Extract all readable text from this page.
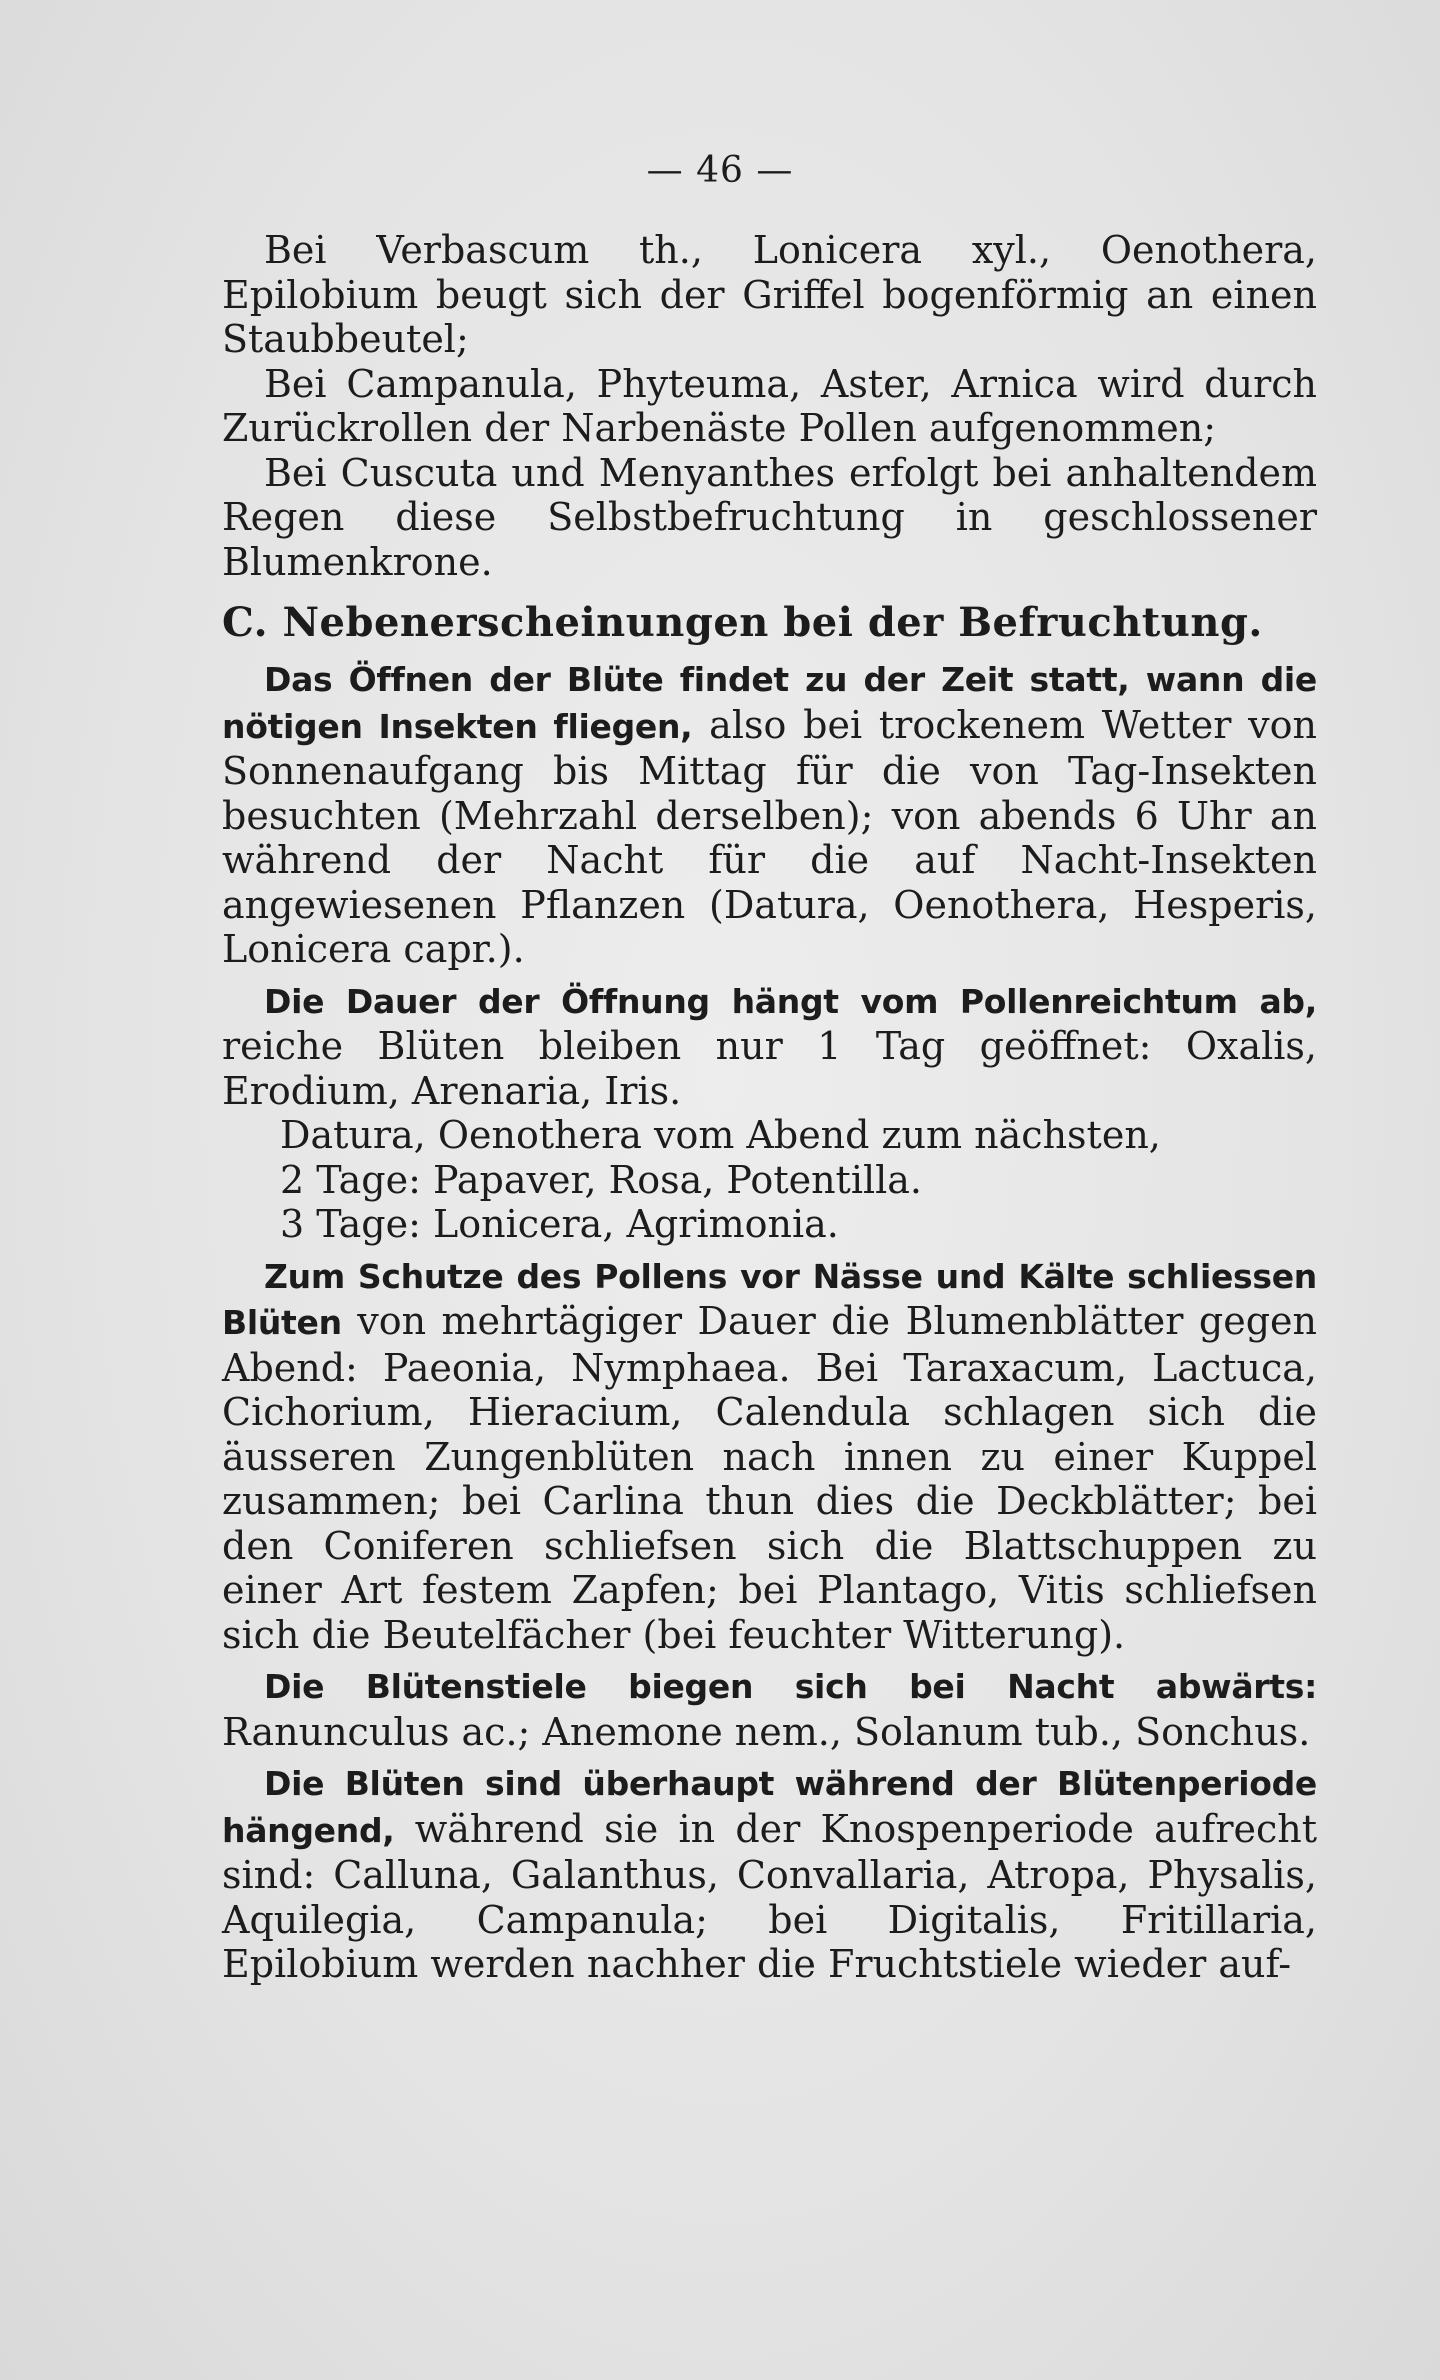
— 46 —

Bei Verbascum th., Lonicera xyl., Oenothera, Epilobium beugt sich der Griffel bogenförmig an einen Staubbeutel;

Bei Campanula, Phyteuma, Aster, Arnica wird durch Zurückrollen der Narbenäste Pollen aufgenommen;

Bei Cuscuta und Menyanthes erfolgt bei anhaltendem Regen diese Selbstbefruchtung in geschlossener Blumenkrone.

C. Nebenerscheinungen bei der Befruchtung.

Das Öffnen der Blüte findet zu der Zeit statt, wann die nötigen Insekten fliegen, also bei trockenem Wetter von Sonnenaufgang bis Mittag für die von Tag-Insekten besuchten (Mehrzahl derselben); von abends 6 Uhr an während der Nacht für die auf Nacht-Insekten angewiesenen Pflanzen (Datura, Oenothera, Hesperis, Lonicera capr.).

Die Dauer der Öffnung hängt vom Pollenreichtum ab, reiche Blüten bleiben nur 1 Tag geöffnet: Oxalis, Erodium, Arenaria, Iris.

Datura, Oenothera vom Abend zum nächsten,

2 Tage: Papaver, Rosa, Potentilla.

3 Tage: Lonicera, Agrimonia.

Zum Schutze des Pollens vor Nässe und Kälte schliessen Blüten von mehrtägiger Dauer die Blumenblätter gegen Abend: Paeonia, Nymphaea. Bei Taraxacum, Lactuca, Cichorium, Hieracium, Calendula schlagen sich die äusseren Zungenblüten nach innen zu einer Kuppel zusammen; bei Carlina thun dies die Deckblätter; bei den Coniferen schliefsen sich die Blattschuppen zu einer Art festem Zapfen; bei Plantago, Vitis schliefsen sich die Beutelfächer (bei feuchter Witterung).

Die Blütenstiele biegen sich bei Nacht abwärts: Ranunculus ac.; Anemone nem., Solanum tub., Sonchus.

Die Blüten sind überhaupt während der Blütenperiode hängend, während sie in der Knospenperiode aufrecht sind: Calluna, Galanthus, Convallaria, Atropa, Physalis, Aquilegia, Campanula; bei Digitalis, Fritillaria, Epilobium werden nachher die Fruchtstiele wieder auf-
